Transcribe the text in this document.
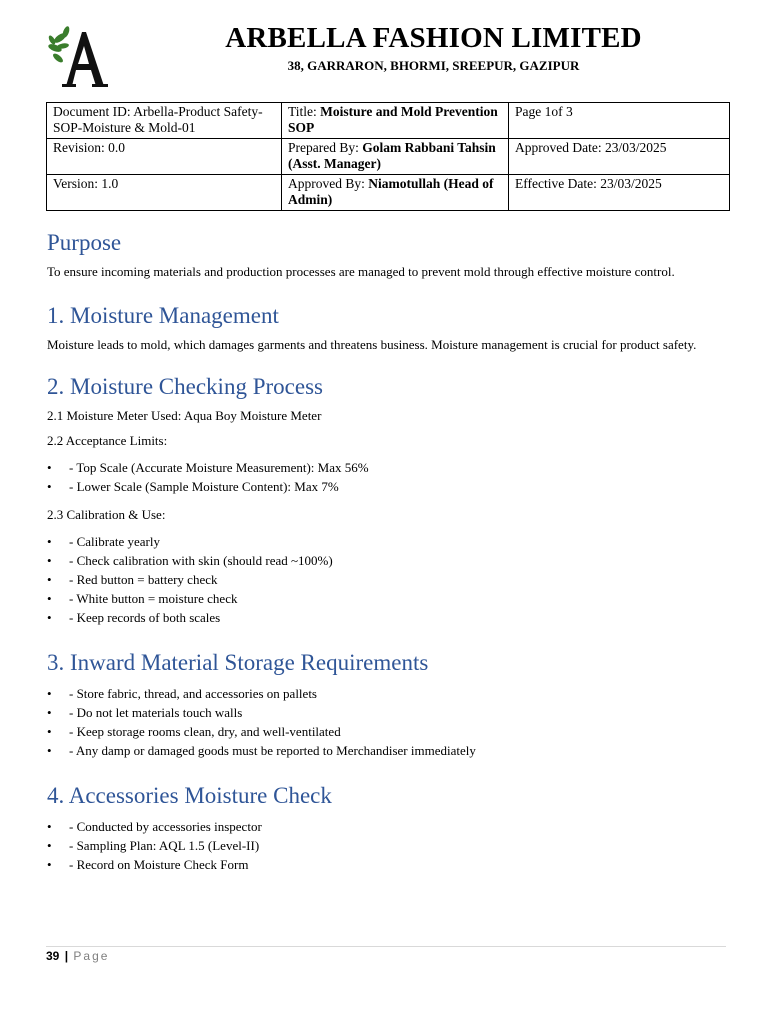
ARBELLA FASHION LIMITED
38, GARRARON, BHORMI, SREEPUR, GAZIPUR
Document ID: Arbella-Product Safety-SOP-Moisture & Mold-01	Title: Moisture and Mold Prevention SOP	Page 1of 3
Revision: 0.0	Prepared By: Golam Rabbani Tahsin (Asst. Manager)	Approved Date: 23/03/2025
Version: 1.0	Approved By: Niamotullah (Head of Admin)	Effective Date: 23/03/2025
Purpose

To ensure incoming materials and production processes are managed to prevent mold through effective moisture control.

1. Moisture Management

Moisture leads to mold, which damages garments and threatens business. Moisture management is crucial for product safety.

2. Moisture Checking Process

2.1 Moisture Meter Used: Aqua Boy Moisture Meter

2.2 Acceptance Limits:

• - Top Scale (Accurate Moisture Measurement): Max 56%
• - Lower Scale (Sample Moisture Content): Max 7%

2.3 Calibration & Use:

• - Calibrate yearly
• - Check calibration with skin (should read ~100%)
• - Red button = battery check
• - White button = moisture check
• - Keep records of both scales
3. Inward Material Storage Requirements
• - Store fabric, thread, and accessories on pallets
• - Do not let materials touch walls
• - Keep storage rooms clean, dry, and well-ventilated
• - Any damp or damaged goods must be reported to Merchandiser immediately
4. Accessories Moisture Check
• - Conducted by accessories inspector
• - Sampling Plan: AQL 1.5 (Level-II)
• - Record on Moisture Check Form
39 | Page
